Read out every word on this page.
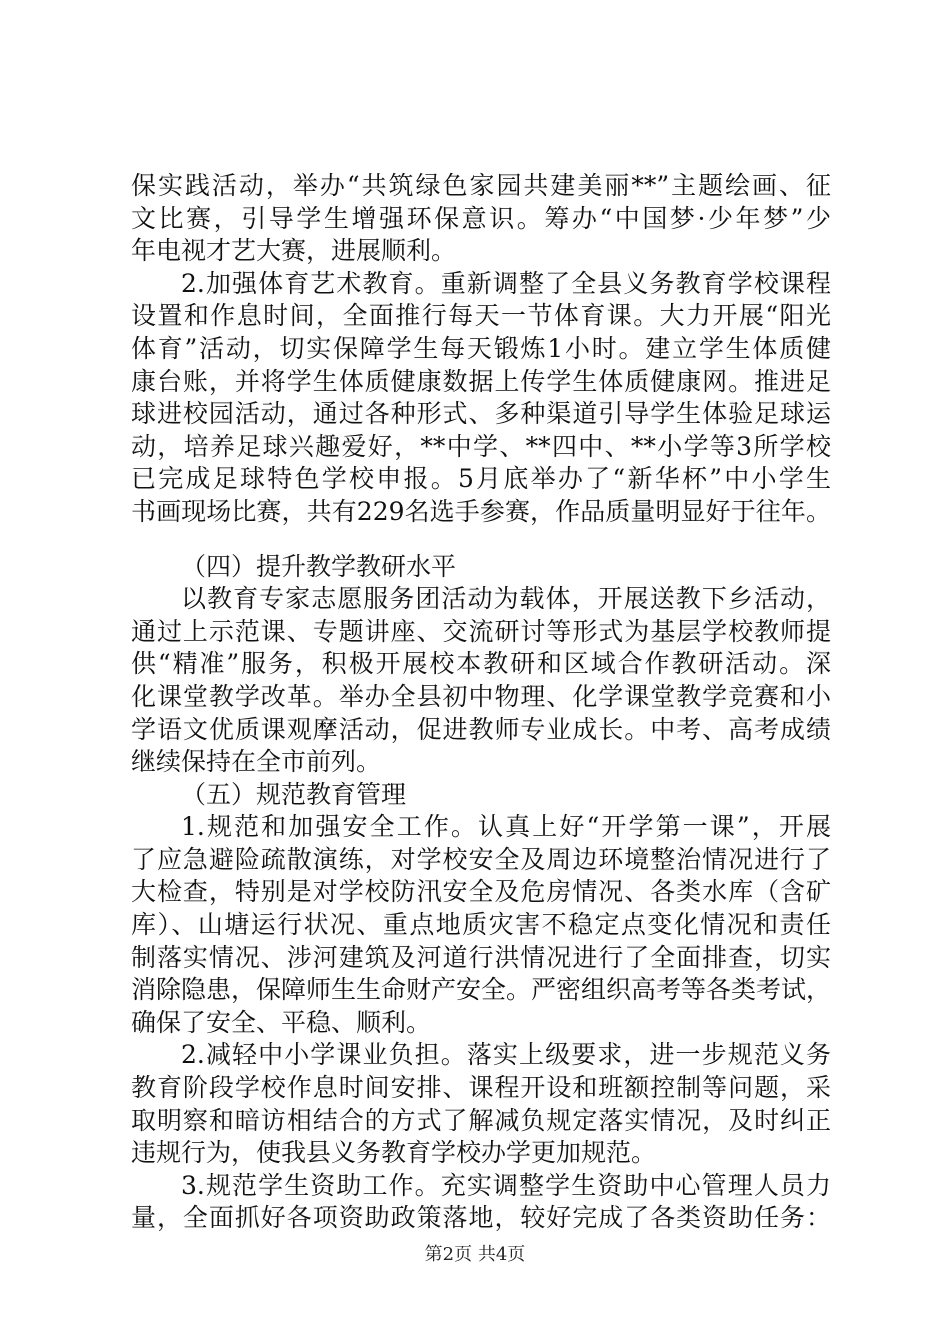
保实践活动，举办“共筑绿色家园共建美丽**”主题绘画、征
文比赛，引导学生增强环保意识。筹办“中国梦·少年梦”少
年电视才艺大赛，进展顺利。
2.加强体育艺术教育。重新调整了全县义务教育学校课程
设置和作息时间，全面推行每天一节体育课。大力开展“阳光
体育”活动，切实保障学生每天锻炼1小时。建立学生体质健
康台账，并将学生体质健康数据上传学生体质健康网。推进足
球进校园活动，通过各种形式、多种渠道引导学生体验足球运
动，培养足球兴趣爱好，**中学、**四中、**小学等3所学校
已完成足球特色学校申报。5月底举办了“新华杯”中小学生
书画现场比赛，共有229名选手参赛，作品质量明显好于往年。
（四）提升教学教研水平
以教育专家志愿服务团活动为载体，开展送教下乡活动，
通过上示范课、专题讲座、交流研讨等形式为基层学校教师提
供“精准”服务，积极开展校本教研和区域合作教研活动。深
化课堂教学改革。举办全县初中物理、化学课堂教学竞赛和小
学语文优质课观摩活动，促进教师专业成长。中考、高考成绩
继续保持在全市前列。
（五）规范教育管理
1.规范和加强安全工作。认真上好“开学第一课”，开展
了应急避险疏散演练，对学校安全及周边环境整治情况进行了
大检查，特别是对学校防汛安全及危房情况、各类水库（含矿
库）、山塘运行状况、重点地质灾害不稳定点变化情况和责任
制落实情况、涉河建筑及河道行洪情况进行了全面排查，切实
消除隐患，保障师生生命财产安全。严密组织高考等各类考试，
确保了安全、平稳、顺利。
2.减轻中小学课业负担。落实上级要求，进一步规范义务
教育阶段学校作息时间安排、课程开设和班额控制等问题，采
取明察和暗访相结合的方式了解减负规定落实情况，及时纠正
违规行为，使我县义务教育学校办学更加规范。
3.规范学生资助工作。充实调整学生资助中心管理人员力
量，全面抓好各项资助政策落地，较好完成了各类资助任务：
第2页 共4页
